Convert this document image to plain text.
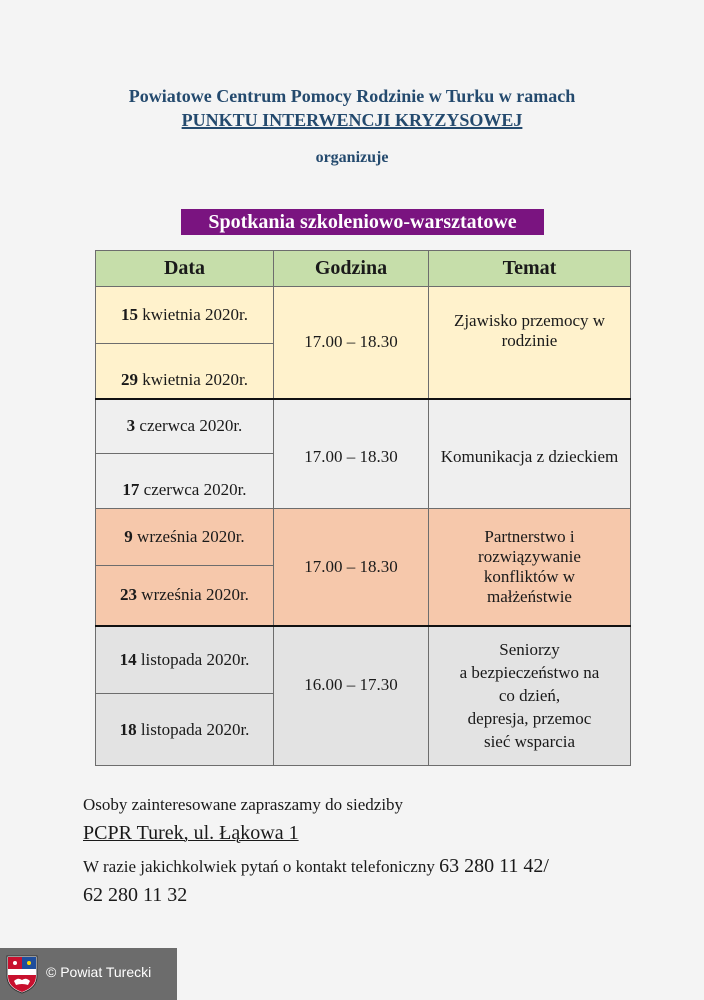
Powiatowe Centrum Pomocy Rodzinie w Turku w ramach
PUNKTU INTERWENCJI KRYZYSOWEJ
organizuje
Spotkania szkoleniowo-warsztatowe
Data	Godzina	Temat
15 kwietnia 2020r.	17.00 – 18.30	Zjawisko przemocy w rodzinie
29 kwietnia 2020r.		
3 czerwca 2020r.	17.00 – 18.30	Komunikacja z dzieckiem
17 czerwca 2020r.		
9 września 2020r.	17.00 – 18.30	Partnerstwo i rozwiązywanie konfliktów w małżeństwie
23 września 2020r.		
14 listopada 2020r.	16.00 – 17.30	Seniorzy
a bezpieczeństwo na
co dzień,
depresja, przemoc
sieć wsparcia

18 listopada 2020r.		
Osoby zainteresowane zapraszamy do siedziby
PCPR Turek, ul. Łąkowa 1
W razie jakichkolwiek pytań o kontakt telefoniczny 63 280 11 42/
62 280 11 32
© Powiat Turecki
